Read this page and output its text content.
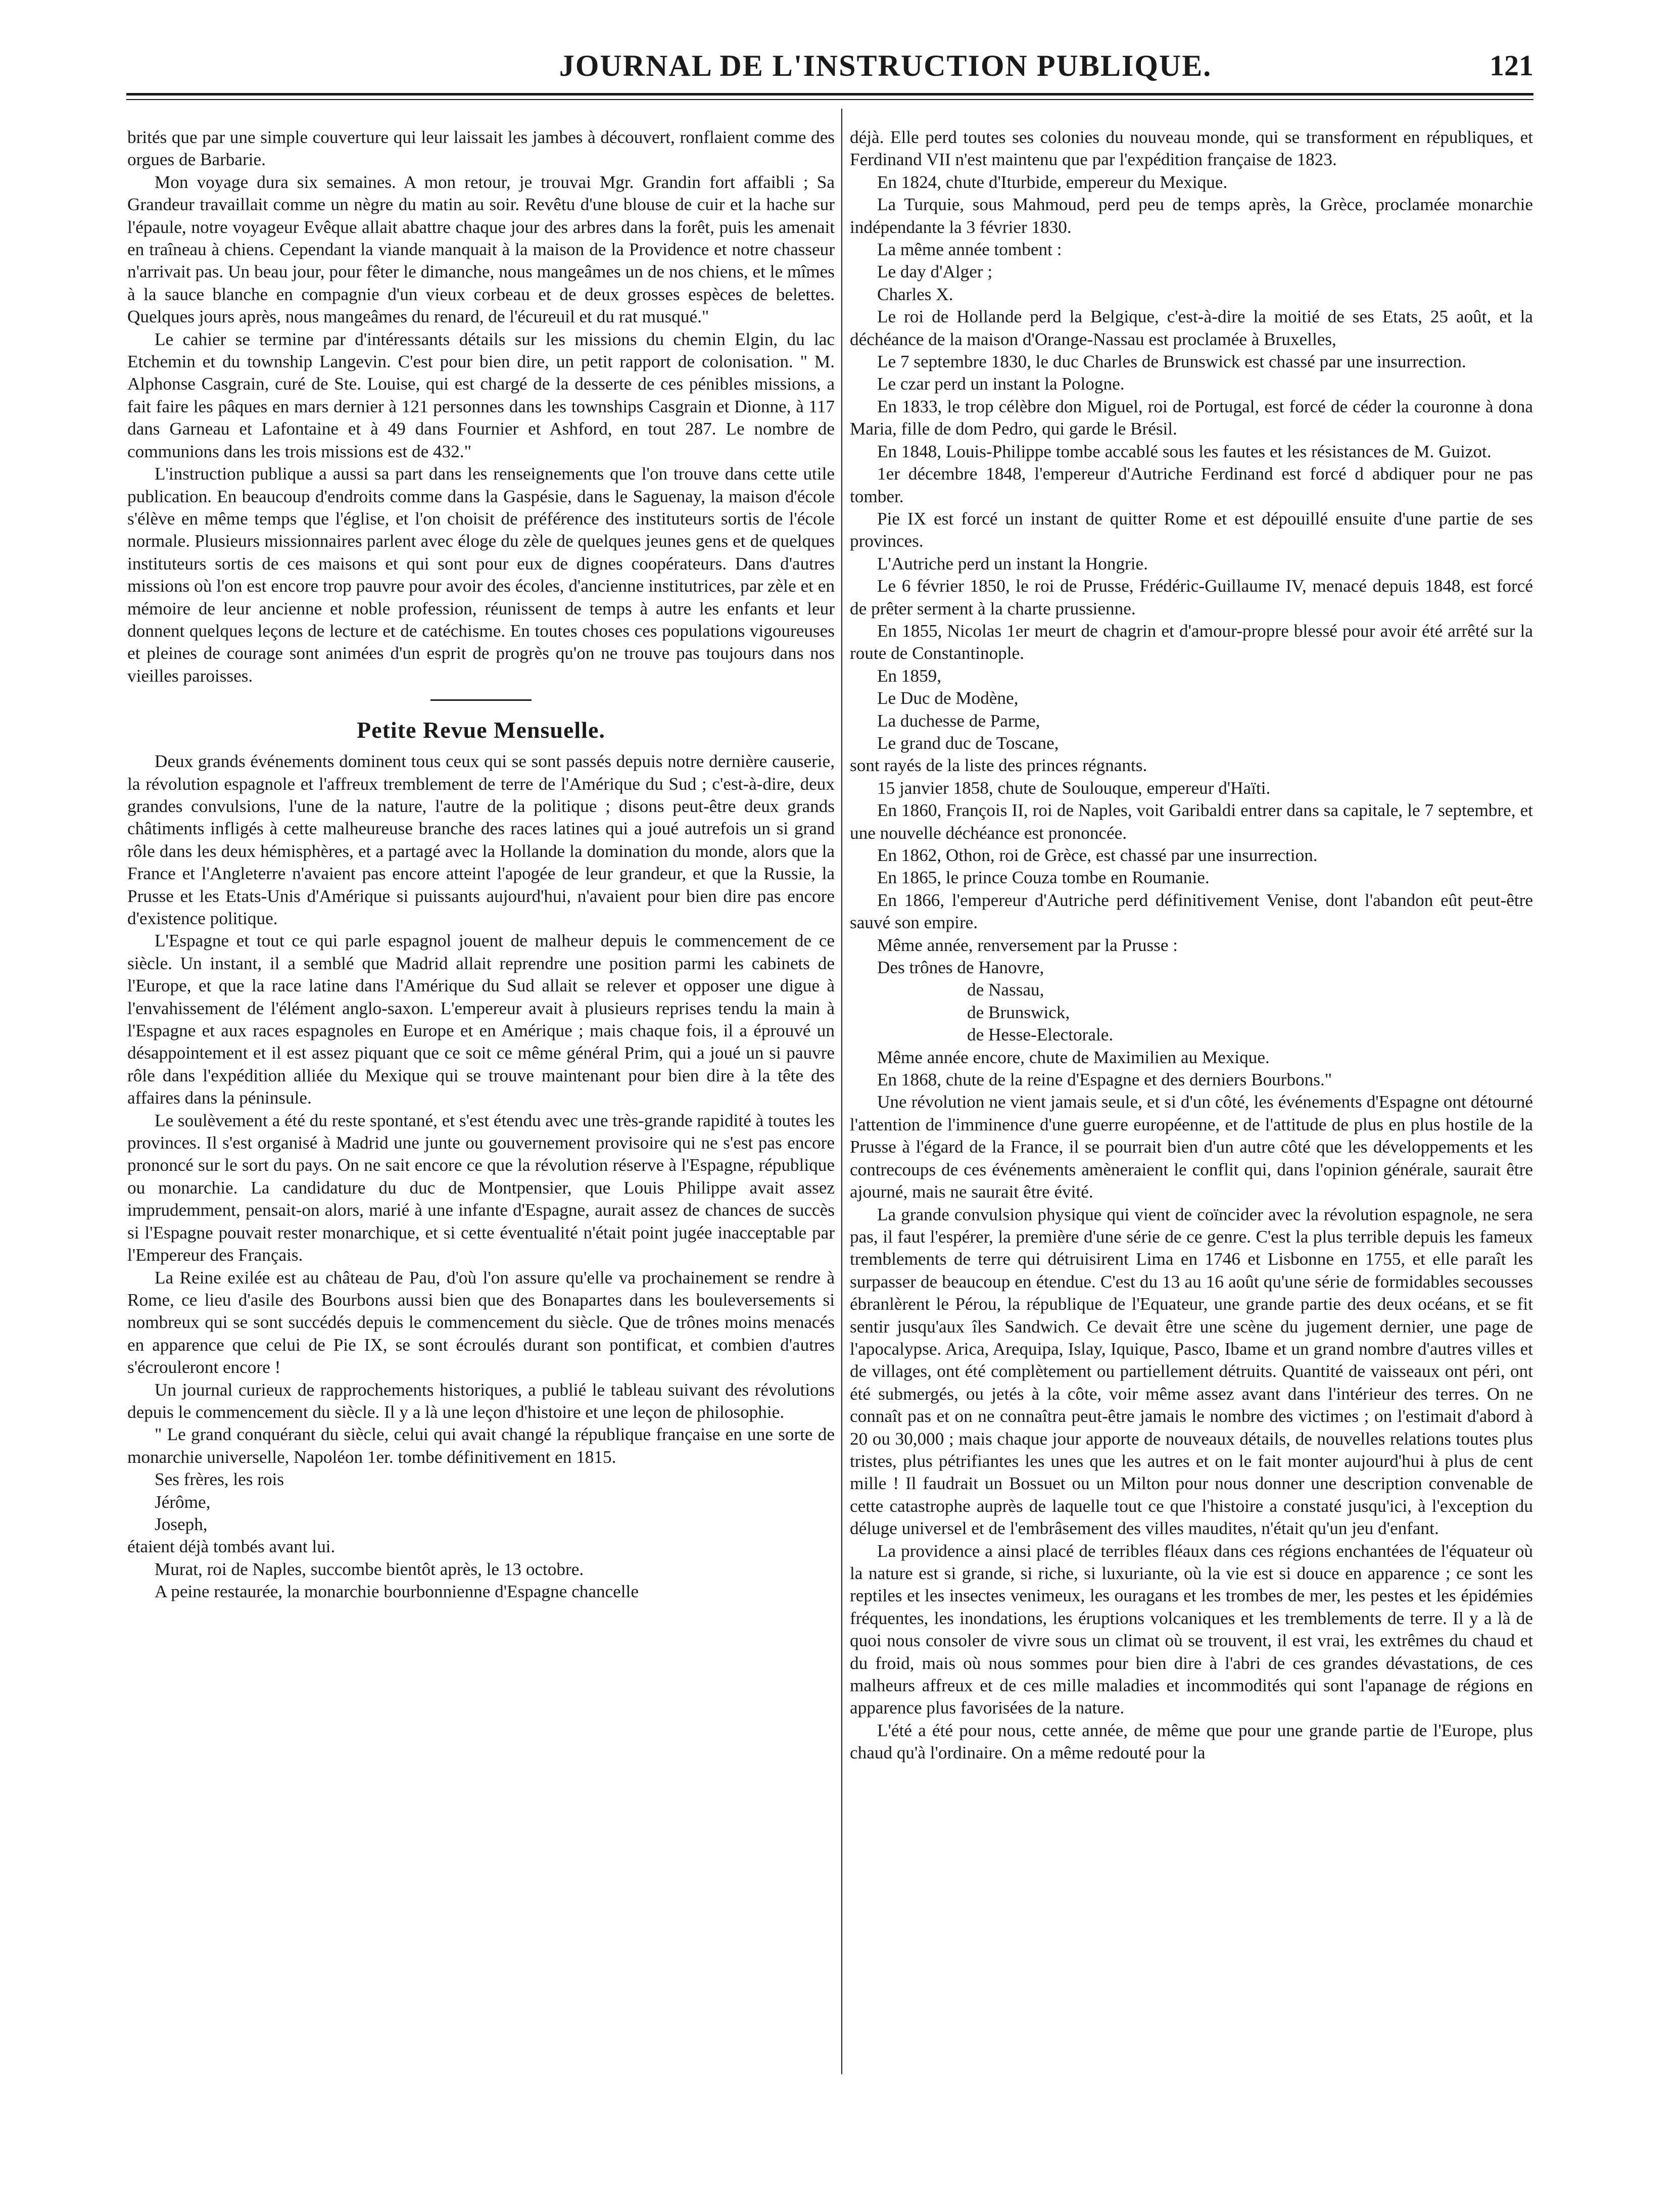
JOURNAL DE L'INSTRUCTION PUBLIQUE.	121

brités que par une simple couverture qui leur laissait les jambes à découvert, ronflaient comme des orgues de Barbarie.

Mon voyage dura six semaines. A mon retour, je trouvai Mgr. Grandin fort affaibli ; Sa Grandeur travaillait comme un nègre du matin au soir. Revêtu d'une blouse de cuir et la hache sur l'épaule, notre voyageur Evêque allait abattre chaque jour des arbres dans la forêt, puis les amenait en traîneau à chiens. Cependant la viande manquait à la maison de la Providence et notre chasseur n'arrivait pas. Un beau jour, pour fêter le dimanche, nous mangeâmes un de nos chiens, et le mîmes à la sauce blanche en compagnie d'un vieux corbeau et de deux grosses espèces de belettes. Quelques jours après, nous mangeâmes du renard, de l'écureuil et du rat musqué."

Le cahier se termine par d'intéressants détails sur les missions du chemin Elgin, du lac Etchemin et du township Langevin. C'est pour bien dire, un petit rapport de colonisation. " M. Alphonse Casgrain, curé de Ste. Louise, qui est chargé de la desserte de ces pénibles missions, a fait faire les pâques en mars dernier à 121 personnes dans les townships Casgrain et Dionne, à 117 dans Garneau et Lafontaine et à 49 dans Fournier et Ashford, en tout 287. Le nombre de communions dans les trois missions est de 432."

L'instruction publique a aussi sa part dans les renseignements que l'on trouve dans cette utile publication. En beaucoup d'endroits comme dans la Gaspésie, dans le Saguenay, la maison d'école s'élève en même temps que l'église, et l'on choisit de préférence des instituteurs sortis de l'école normale. Plusieurs missionnaires parlent avec éloge du zèle de quelques jeunes gens et de quelques instituteurs sortis de ces maisons et qui sont pour eux de dignes coopérateurs. Dans d'autres missions où l'on est encore trop pauvre pour avoir des écoles, d'ancienne institutrices, par zèle et en mémoire de leur ancienne et noble profession, réunissent de temps à autre les enfants et leur donnent quelques leçons de lecture et de catéchisme. En toutes choses ces populations vigoureuses et pleines de courage sont animées d'un esprit de progrès qu'on ne trouve pas toujours dans nos vieilles paroisses.

Petite Revue Mensuelle.

Deux grands événements dominent tous ceux qui se sont passés depuis notre dernière causerie, la révolution espagnole et l'affreux tremblement de terre de l'Amérique du Sud ; c'est-à-dire, deux grandes convulsions, l'une de la nature, l'autre de la politique ; disons peut-être deux grands châtiments infligés à cette malheureuse branche des races latines qui a joué autrefois un si grand rôle dans les deux hémisphères, et a partagé avec la Hollande la domination du monde, alors que la France et l'Angleterre n'avaient pas encore atteint l'apogée de leur grandeur, et que la Russie, la Prusse et les Etats-Unis d'Amérique si puissants aujourd'hui, n'avaient pour bien dire pas encore d'existence politique.

L'Espagne et tout ce qui parle espagnol jouent de malheur depuis le commencement de ce siècle. Un instant, il a semblé que Madrid allait reprendre une position parmi les cabinets de l'Europe, et que la race latine dans l'Amérique du Sud allait se relever et opposer une digue à l'envahissement de l'élément anglo-saxon. L'empereur avait à plusieurs reprises tendu la main à l'Espagne et aux races espagnoles en Europe et en Amérique ; mais chaque fois, il a éprouvé un désappointement et il est assez piquant que ce soit ce même général Prim, qui a joué un si pauvre rôle dans l'expédition alliée du Mexique qui se trouve maintenant pour bien dire à la tête des affaires dans la péninsule.

Le soulèvement a été du reste spontané, et s'est étendu avec une très-grande rapidité à toutes les provinces. Il s'est organisé à Madrid une junte ou gouvernement provisoire qui ne s'est pas encore prononcé sur le sort du pays. On ne sait encore ce que la révolution réserve à l'Espagne, république ou monarchie. La candidature du duc de Montpensier, que Louis Philippe avait assez imprudemment, pensait-on alors, marié à une infante d'Espagne, aurait assez de chances de succès si l'Espagne pouvait rester monarchique, et si cette éventualité n'était point jugée inacceptable par l'Empereur des Français.

La Reine exilée est au château de Pau, d'où l'on assure qu'elle va prochainement se rendre à Rome, ce lieu d'asile des Bourbons aussi bien que des Bonapartes dans les bouleversements si nombreux qui se sont succédés depuis le commencement du siècle. Que de trônes moins menacés en apparence que celui de Pie IX, se sont écroulés durant son pontificat, et combien d'autres s'écrouleront encore !

Un journal curieux de rapprochements historiques, a publié le tableau suivant des révolutions depuis le commencement du siècle. Il y a là une leçon d'histoire et une leçon de philosophie.

" Le grand conquérant du siècle, celui qui avait changé la république française en une sorte de monarchie universelle, Napoléon 1er. tombe définitivement en 1815.

Ses frères, les rois

Jérôme,

Joseph,

étaient déjà tombés avant lui.

Murat, roi de Naples, succombe bientôt après, le 13 octobre.

A peine restaurée, la monarchie bourbonnienne d'Espagne chancelle

déjà. Elle perd toutes ses colonies du nouveau monde, qui se transforment en républiques, et Ferdinand VII n'est maintenu que par l'expédition française de 1823.

En 1824, chute d'Iturbide, empereur du Mexique.

La Turquie, sous Mahmoud, perd peu de temps après, la Grèce, proclamée monarchie indépendante la 3 février 1830.

La même année tombent :

Le day d'Alger ;

Charles X.

Le roi de Hollande perd la Belgique, c'est-à-dire la moitié de ses Etats, 25 août, et la déchéance de la maison d'Orange-Nassau est proclamée à Bruxelles,

Le 7 septembre 1830, le duc Charles de Brunswick est chassé par une insurrection.

Le czar perd un instant la Pologne.

En 1833, le trop célèbre don Miguel, roi de Portugal, est forcé de céder la couronne à dona Maria, fille de dom Pedro, qui garde le Brésil.

En 1848, Louis-Philippe tombe accablé sous les fautes et les résistances de M. Guizot.

1er décembre 1848, l'empereur d'Autriche Ferdinand est forcé d abdiquer pour ne pas tomber.

Pie IX est forcé un instant de quitter Rome et est dépouillé ensuite d'une partie de ses provinces.

L'Autriche perd un instant la Hongrie.

Le 6 février 1850, le roi de Prusse, Frédéric-Guillaume IV, menacé depuis 1848, est forcé de prêter serment à la charte prussienne.

En 1855, Nicolas 1er meurt de chagrin et d'amour-propre blessé pour avoir été arrêté sur la route de Constantinople.

En 1859,

Le Duc de Modène,

La duchesse de Parme,

Le grand duc de Toscane,

sont rayés de la liste des princes régnants.

15 janvier 1858, chute de Soulouque, empereur d'Haïti.

En 1860, François II, roi de Naples, voit Garibaldi entrer dans sa capitale, le 7 septembre, et une nouvelle déchéance est prononcée.

En 1862, Othon, roi de Grèce, est chassé par une insurrection.

En 1865, le prince Couza tombe en Roumanie.

En 1866, l'empereur d'Autriche perd définitivement Venise, dont l'abandon eût peut-être sauvé son empire.

Même année, renversement par la Prusse :

Des trônes de Hanovre,

de Nassau,

de Brunswick,

de Hesse-Electorale.

Même année encore, chute de Maximilien au Mexique.

En 1868, chute de la reine d'Espagne et des derniers Bourbons."

Une révolution ne vient jamais seule, et si d'un côté, les événements d'Espagne ont détourné l'attention de l'imminence d'une guerre européenne, et de l'attitude de plus en plus hostile de la Prusse à l'égard de la France, il se pourrait bien d'un autre côté que les développements et les contrecoups de ces événements amèneraient le conflit qui, dans l'opinion générale, saurait être ajourné, mais ne saurait être évité.

La grande convulsion physique qui vient de coïncider avec la révolution espagnole, ne sera pas, il faut l'espérer, la première d'une série de ce genre. C'est la plus terrible depuis les fameux tremblements de terre qui détruisirent Lima en 1746 et Lisbonne en 1755, et elle paraît les surpasser de beaucoup en étendue. C'est du 13 au 16 août qu'une série de formidables secousses ébranlèrent le Pérou, la république de l'Equateur, une grande partie des deux océans, et se fit sentir jusqu'aux îles Sandwich. Ce devait être une scène du jugement dernier, une page de l'apocalypse. Arica, Arequipa, Islay, Iquique, Pasco, Ibame et un grand nombre d'autres villes et de villages, ont été complètement ou partiellement détruits. Quantité de vaisseaux ont péri, ont été submergés, ou jetés à la côte, voir même assez avant dans l'intérieur des terres. On ne connaît pas et on ne connaîtra peut-être jamais le nombre des victimes ; on l'estimait d'abord à 20 ou 30,000 ; mais chaque jour apporte de nouveaux détails, de nouvelles relations toutes plus tristes, plus pétrifiantes les unes que les autres et on le fait monter aujourd'hui à plus de cent mille ! Il faudrait un Bossuet ou un Milton pour nous donner une description convenable de cette catastrophe auprès de laquelle tout ce que l'histoire a constaté jusqu'ici, à l'exception du déluge universel et de l'embrâsement des villes maudites, n'était qu'un jeu d'enfant.

La providence a ainsi placé de terribles fléaux dans ces régions enchantées de l'équateur où la nature est si grande, si riche, si luxuriante, où la vie est si douce en apparence ; ce sont les reptiles et les insectes venimeux, les ouragans et les trombes de mer, les pestes et les épidémies fréquentes, les inondations, les éruptions volcaniques et les tremblements de terre. Il y a là de quoi nous consoler de vivre sous un climat où se trouvent, il est vrai, les extrêmes du chaud et du froid, mais où nous sommes pour bien dire à l'abri de ces grandes dévastations, de ces malheurs affreux et de ces mille maladies et incommodités qui sont l'apanage de régions en apparence plus favorisées de la nature.

L'été a été pour nous, cette année, de même que pour une grande partie de l'Europe, plus chaud qu'à l'ordinaire. On a même redouté pour la
